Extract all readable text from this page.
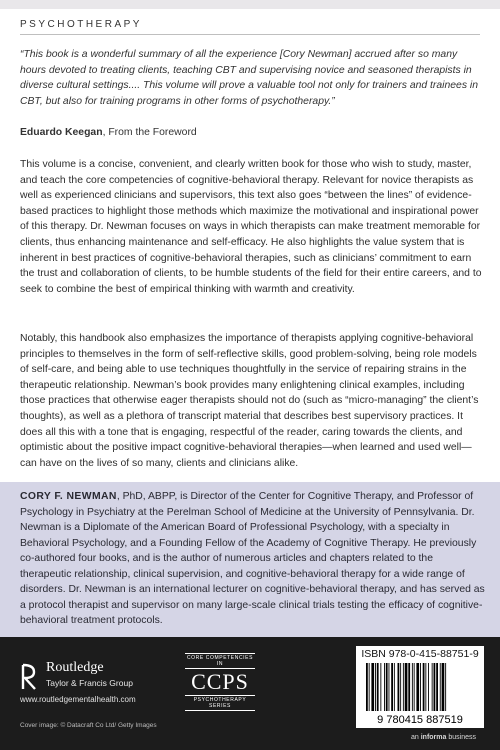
PSYCHOTHERAPY
“This book is a wonderful summary of all the experience [Cory Newman] accrued after so many hours devoted to treating clients, teaching CBT and supervising novice and seasoned therapists in diverse cultural settings.... This volume will prove a valuable tool not only for trainers and trainees in CBT, but also for training programs in other forms of psychotherapy.”
Eduardo Keegan, From the Foreword
This volume is a concise, convenient, and clearly written book for those who wish to study, master, and teach the core competencies of cognitive-behavioral therapy. Relevant for novice therapists as well as experienced clinicians and supervisors, this text also goes “between the lines” of evidence-based practices to highlight those methods which maximize the motivational and inspirational power of this therapy. Dr. Newman focuses on ways in which therapists can make treatment memorable for clients, thus enhancing maintenance and self-efficacy. He also highlights the value system that is inherent in best practices of cognitive-behavioral therapies, such as clinicians’ commitment to earn the trust and collaboration of clients, to be humble students of the field for their entire careers, and to seek to combine the best of empirical thinking with warmth and creativity.
Notably, this handbook also emphasizes the importance of therapists applying cognitive-behavioral principles to themselves in the form of self-reflective skills, good problem-solving, being role models of self-care, and being able to use techniques thoughtfully in the service of repairing strains in the therapeutic relationship. Newman’s book provides many enlightening clinical examples, including those practices that otherwise eager therapists should not do (such as “micro-managing” the client’s thoughts), as well as a plethora of transcript material that describes best supervisory practices. It does all this with a tone that is engaging, respectful of the reader, caring towards the clients, and optimistic about the positive impact cognitive-behavioral therapies—when learned and used well—can have on the lives of so many, clients and clinicians alike.
CORY F. NEWMAN, PhD, ABPP, is Director of the Center for Cognitive Therapy, and Professor of Psychology in Psychiatry at the Perelman School of Medicine at the University of Pennsylvania. Dr. Newman is a Diplomate of the American Board of Professional Psychology, with a specialty in Behavioral Psychology, and a Founding Fellow of the Academy of Cognitive Therapy. He previously co-authored four books, and is the author of numerous articles and chapters related to the therapeutic relationship, clinical supervision, and cognitive-behavioral therapy for a wide range of disorders. Dr. Newman is an international lecturer on cognitive-behavioral therapy, and has served as a protocol therapist and supervisor on many large-scale clinical trials testing the efficacy of cognitive-behavioral treatment protocols.
Routledge
Taylor & Francis Group
www.routledgementalhealth.com
CORE COMPETENCIES IN
CCPS
PSYCHOTHERAPY SERIES
ISBN 978-0-415-88751-9
9 780415 887519
Cover image: © Datacraft Co Ltd/ Getty Images
an informa business
